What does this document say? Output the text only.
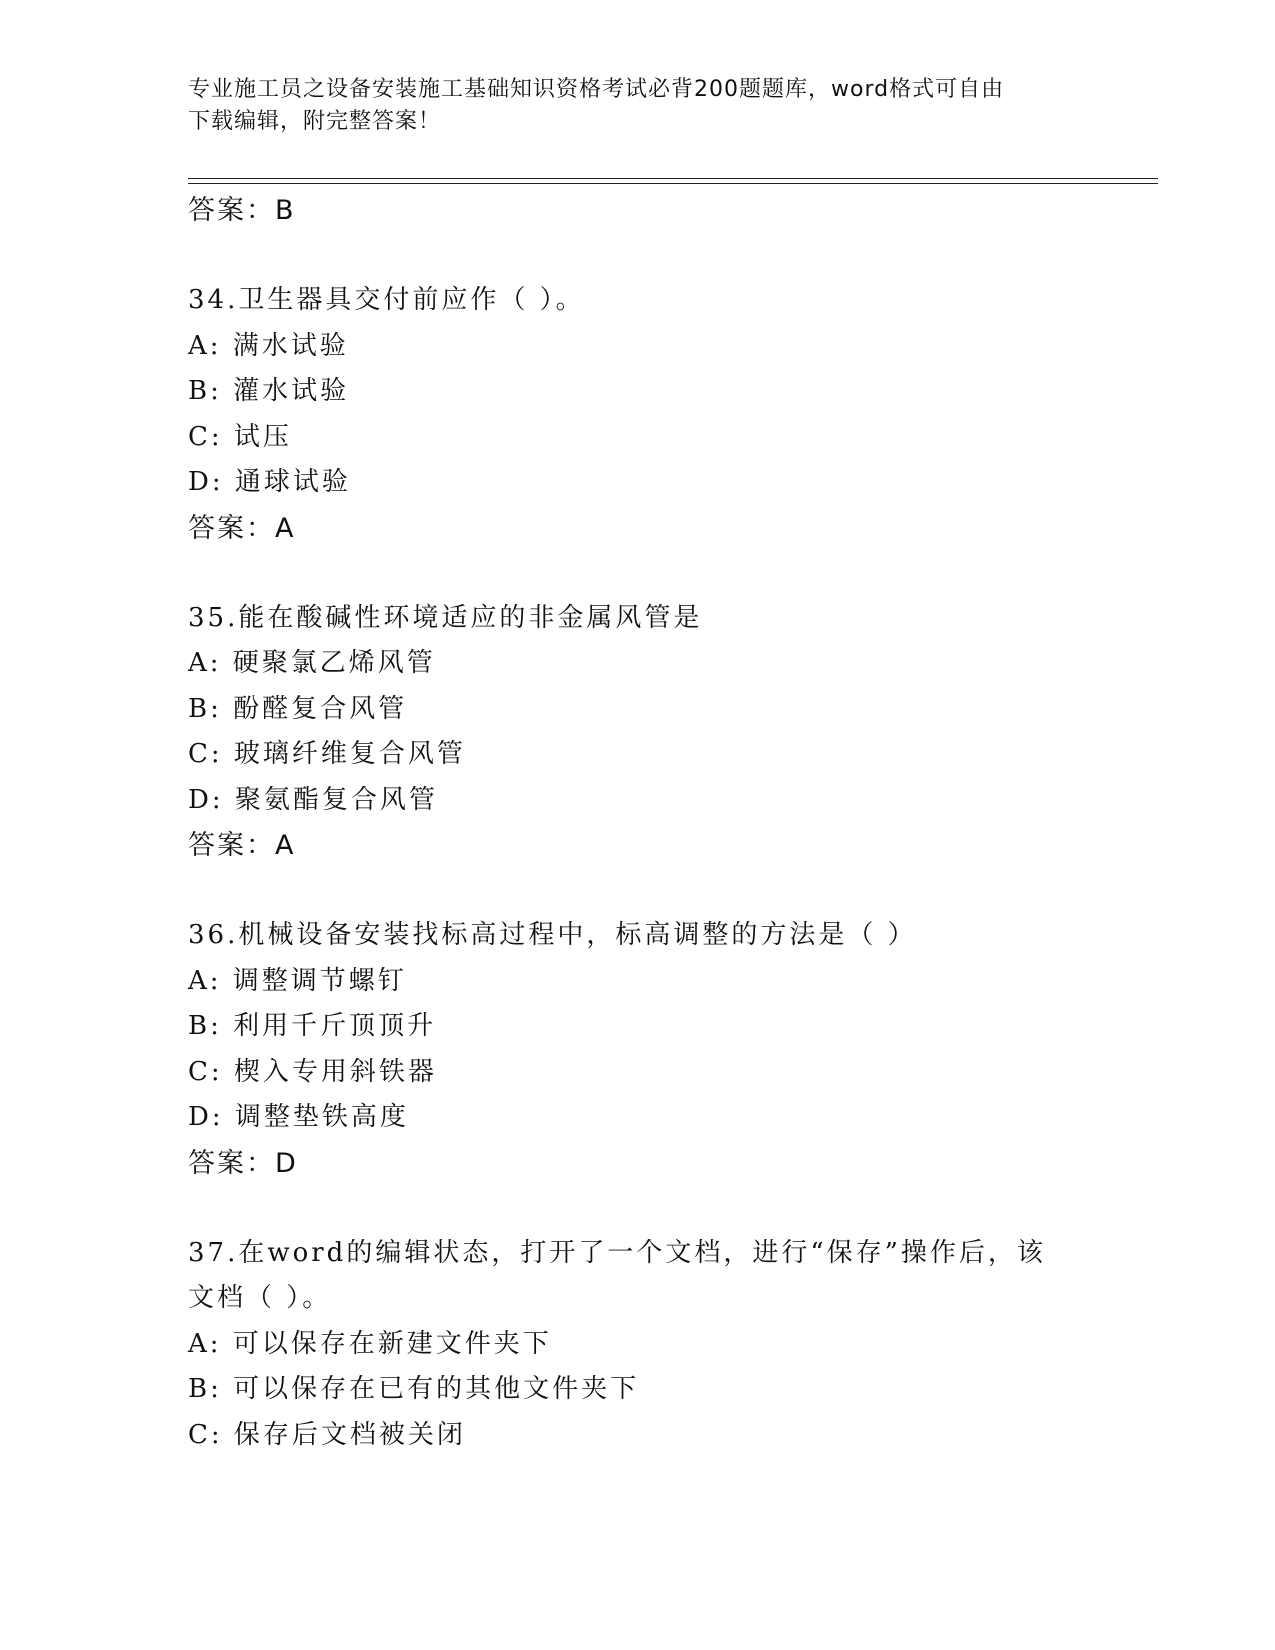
专业施工员之设备安装施工基础知识资格考试必背200题题库，word格式可自由
下载编辑，附完整答案！
答案：B
34.卫生器具交付前应作（ ）。
A: 满水试验
B: 灌水试验
C: 试压
D: 通球试验
答案：A
35.能在酸碱性环境适应的非金属风管是
A: 硬聚氯乙烯风管
B: 酚醛复合风管
C: 玻璃纤维复合风管
D: 聚氨酯复合风管
答案：A
36.机械设备安装找标高过程中，标高调整的方法是（ ）
A: 调整调节螺钉
B: 利用千斤顶顶升
C: 楔入专用斜铁器
D: 调整垫铁高度
答案：D
37.在word的编辑状态，打开了一个文档，进行“保存”操作后，该
文档（ ）。
A: 可以保存在新建文件夹下
B: 可以保存在已有的其他文件夹下
C: 保存后文档被关闭
